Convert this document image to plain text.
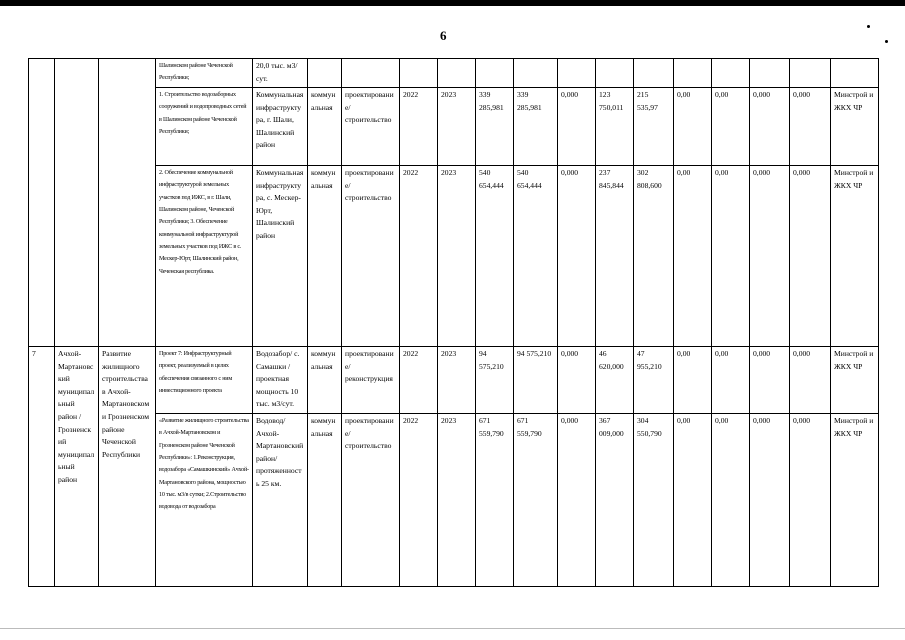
6
			Шалинском районе Чеченской Республики;	20,0 тыс. м3/сут.														
			1. Строительство водозаборных сооружений и водопроводных сетей в Шалинском районе Чеченской Республики;	Коммунальная инфраструктура, г. Шали, Шалинский район	коммунальная	проектирование/строительство	2022	2023	339 285,981	339 285,981	0,000	123 750,011	215 535,97	0,00	0,00	0,000	0,000	Минстрой и ЖКХ ЧР
			2. Обеспечение коммунальной инфраструктурой земельных участков под ИЖС, в г. Шали, Шалинском районе, Чеченской Республики; 3. Обеспечение коммунальной инфраструктурой земельных участков под ИЖС в с. Мескер-Юрт, Шалинский район, Чеченская республика.	Коммунальная инфраструктура, с. Мескер-Юрт, Шалинский район	коммунальная	проектирование/строительство	2022	2023	540 654,444	540 654,444	0,000	237 845,844	302 808,600	0,00	0,00	0,000	0,000	Минстрой и ЖКХ ЧР
7	Ачхой-Мартановский муниципальный район /Грозненский муниципальный район	Развитие жилищного строительства в Ачхой-Мартановском и Грозненском районе Чеченской Республики	Проект 7: Инфраструктурный проект, реализуемый в целях обеспечения связанного с ним инвестиционного проекта	Водозабор/ с. Самашки /проектная мощность 10 тыс. м3/сут.	коммунальная	проектирование/реконструкция	2022	2023	94 575,210	94 575,210	0,000	46 620,000	47 955,210	0,00	0,00	0,000	0,000	Минстрой и ЖКХ ЧР
			«Развитие жилищного строительства в Ачхой-Мартановском и Грозненском районе Чеченской Республики»: 1.Реконструкция, водозабора «Самашкинский» Ачхой-Мартановского района, мощностью 10 тыс. м3/в сутки; 2.Строительство водовода от водозабора	Водовод/ Ачхой-Мартановский район/ протяженность 25 км.	коммунальная	проектирование/строительство	2022	2023	671 559,790	671 559,790	0,000	367 009,000	304 550,790	0,00	0,00	0,000	0,000	Минстрой и ЖКХ ЧР
